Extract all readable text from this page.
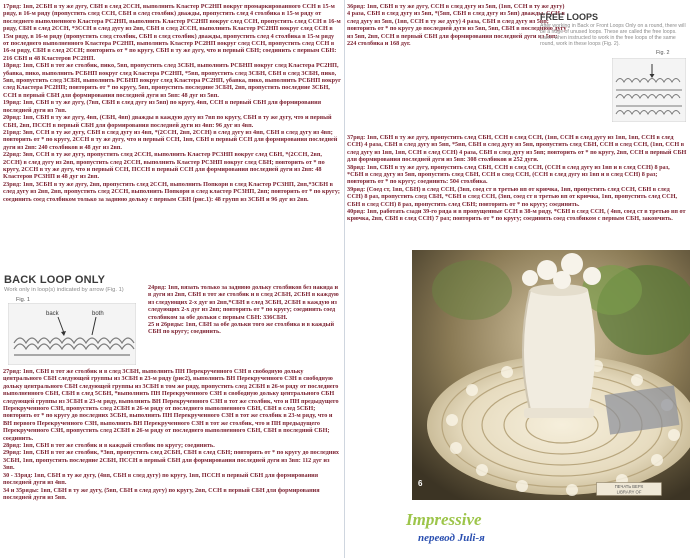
17ряд: 1вп, 2СБН в ту же дугу, СБН в след 2ССН, выполнить Кластер РС2НП вокруг промаркированного ССН в 15-м ряду, в 16-м ряду (пропустить след ССН, СБН в след столбик) дважды, пропустить след 4 столбика в 15-м ряду от последнего выполненного Кластера РС2НП, выполнить Кластер РС2НП вокруг след ССН, пропустить след ССН в 16-м ряду, СБН в след 2ССН, *3ССН в след дугу из 2вп, СБН в след 2ССН, выполнить Кластер РС2НП вокруг след ССН в 15м ряду, в 16-м ряду (пропустить след столбик, СБН в след столбик) дважды, пропустить след 4 столбика в 15-м ряду от последнего выполненного Кластера РС2НП, выполнить Кластер РС2НП вокруг след ССН, пропустить след ССН в 16-м ряду, СБН в след 2ССН; повторить от * по кругу, СБН в ту же дугу, что и первый СБН; соединить с первым СБН: 216 СБН и 48 Кластеров РС2НП.

18ряд: 1вп, СБН в тот же столбик, пико, 5вп, пропустить след 3СБН, выполнить РСБНП вокруг след Кластера РС2НП, убавка, пико, выполнить РСБНП вокруг след Кластера РС2НП, *5вп, пропустить след 3СБН, СБН в след 3СБН, пико, 5вп, пропустить след 3СБН, выполнить РСБНП вокруг след Кластера РС2НП, убавка, пико, выполнить РСБНП вокруг след Кластера РС2НП; повторить от * по кругу, 5вп, пропустить последние 3СБН, 2вп, пропустить последние 3СБН, ССН в первый СБН для формирования последней дуги из 5вп: 48 дуг из 5вп.

19ряд: 1вп, СБН в ту же дугу, (7вп, СБН в след дугу из 5вп) по кругу, 4вп, ССН в первый СБН для формирования последней дуги из 7вп.

20ряд: 1вп, СБН в ту же дугу, 4вп, (СБН, 4вп) дважды в каждую дугу из 7вп по кругу, СБН в ту же дугу, что и первый СБН, 2вп, ПССН в первый СБН для формирования последней дуги из 4вп: 96 дуг из 4вп.

21ряд: 3вп, ССН в ту же дугу, СБН в след дугу из 4вп, *(2ССН, 2вп, 2ССН) в след дугу из 4вп, СБН в след дугу из 4вп; повторить от * по кругу, 2ССН в ту же дугу, что и первый ССН, 1вп, СБН в первый ССН для формирования последней дуги из 2вп: 240 столбиков и 48 дуг из 2вп.

22ряд: 3вп, ССН в ту же дугу, пропустить след 2ССН, выполнить Кластер РС3НП вокруг след СБН, *(2ССН, 2вп, 2ССН) в след дугу из 2вп, пропустить след 2ССН, выполнить Кластер РС3НП вокруг след СБН; повторить от * по кругу, 2ССН в ту же дугу, что и первый ССН, ПССН в первый ССН для формирования последней дуги из 2вп: 48 Кластеров РС3НП и 48 дуг из 2вп.

23ряд: 1вп, 3СБН в ту же дугу, 2вп, пропустить след 2ССН, выполнить Попкорн в след Кластер РС3НП, 2вп,*3СБН в след дугу из 2вп, 2вп, пропустить след 2ССН, выполнить Попкорн в след кластер РС3НП, 2вп; повторить от * по кругу; соединить соед столбиком только за заднюю дольку с первым СБН (рис.1): 48 групп из 3СБН и 96 дуг из 2вп.

BACK LOOP ONLY
Work only in loop(s) indicated by arrow (Fig. 1)
Fig. 1
back	both

24ряд: 1вп, вязать только за заднюю дольку столбиков без накида и в дуги из 2вп, СБН в тот же столбик и в след 2СБН, 2СБН в каждую из следующих 2-х дуг из 2вп,*СБН в след 3СБН, 2СБН в каждую из следующих 2-х дуг из 2вп; повторить от * по кругу; соединить соед столбиком за обе дольки с первым СБН: 336СБН.

25 и 26ряды: 1вп, СБН за обе дольки того же столбика и в каждый СБН по кругу; соединить.

27ряд: 1вп, СБН в тот же столбик и в след 3СБН, выполнить ПН Перекрученного СЗН в свободную дольку центрального СБН следующей группы из 3СБН в 23-м ряду (рис2), выполнить ВН Перекрученного СЗН в свободную дольку центрального СБН следующей группы из 3СБН в том же ряду, пропустить след 2СБН в 26-м ряду от последнего выполненного СБН, СБН в след 5СБН, *выполнить ПН Перекрученного СЗН в свободную дольку центрального СБН следующей группы из 3СБН в 23-м ряду, выполнить ВН Перекрученного СЗН в тот же столбик, что и ПН предыдущего Перекрученного СЗН, пропустить след 2СБН в 26-м ряду от последнего выполненного СБН, СБН в след 5СБН; повторить от * по кругу до последних 3СБН, выполнить ПН Перекрученного СЗН в тот же столбик в 23-м ряду, что и ВН первого Перекрученного СЗН, выполнить ВН Перекрученного СЗН в тот же столбик, что и ПН предыдущего Перекрученного СЗН, пропустить след 2СБН в 26-м ряду от последнего выполненного СБН, СБН в последний СБН; соединить.

28ряд: 1вп, СБН в тот же столбик и в каждый столбик по кругу; соединить.

29ряд: 1вп, СБН в тот же столбик, *3вп, пропустить след 2СБН, СБН в след СБН; повторить от * по кругу до последних 3СБН, 1вп, пропустить последние 2СБН, ПССН в первый СБН для формирования последней дуги из 3вп: 112 дуг из 3вп.

30 - 33ряд: 1вп, СБН в ту же дугу, (4вп, СБН в след дугу) по кругу, 1вп, ПССН в первый СБН для формирования последней дуги из 4вп.

34 и 35ряды: 1вп, СБН в ту же дугу, (5вп, СБН в след дугу) по кругу, 2вп, ССН в первый СБН для формирования последней дуги из 5вп.

36ряд: 1вп, СБН в ту же дугу, ССН в след дугу из 5вп, (1вп, ССН в ту же дугу) 4 раза, СБН в след дугу из 5вп, *(5вп, СБН в след дугу из 5вп) дважды, ССН в след дугу из 5вп, (1вп, ССН в ту же дугу) 4 раза, СБН в след дугу из 5вп; повторить от * по кругу до последней дуги из 5вп, 5вп, СБН в последнюю дугу из 5вп, 2вп, ССН в первый СБН для формирования последней дуги из 5вп: 224 столбика и 168 дуг.

FREE LOOPS
After working in Back or Front Loops Only on a round, there will be a ridge of unused loops. These are called the free loops. Later, when instructed to work in the free loops of the same round, work in these loops (Fig. 2).
Fig. 2

37ряд: 1вп, СБН в ту же дугу, пропустить след СБН, ССН в след ССН, (1вп, ССН в след дугу из 1вп, 1вп, ССН в след ССН) 4 раза, СБН в след дугу из 5вп, *5вп, СБН в след дугу из 5вп, пропустить след СБН, ССН в след ССН, (1вп, ССН в след дугу из 1вп, 1вп, ССН в след ССН) 4 раза, СБН в след дугу из 5вп; повторить от * по кругу, 2вп, ССН в первый СБН для формирования последней дуги из 5вп: 308 столбиков и 252 дуги.

38ряд: 1вп, СБН в ту же дугу, пропустить след СБН, ССН в след ССН, (ССН в след дугу из 1вп и в след ССН) 8 раз, *СБН в след дугу из 5вп, пропустить след СБН, ССН в след ССН, (ССН в след дугу из 1вп и в след ССН) 8 раз; повторить от * по кругу; соединить: 504 столбика.

39ряд: (Соед ст, 1вп, СБН) в след ССН, (3вп, соед ст в третью вп от крючка, 1вп, пропустить след ССН, СБН в след ССН) 8 раз, пропустить след СБН, *СБН в след ССН, (3вп, соед ст в третью вп от крючка, 1вп, пропустить след ССН, СБН в след ССН) 8 раз, пропустить след СБН; повторить от * по кругу; соединить.

40ряд: 1вп, работать сзади 39-го ряда и в пропущенные ССН в 38-м ряду, *СБН в след ССН, ( 4вп, соед ст в третью вп от крючка, 2вп, СБН в след ССН) 7 раз; повторить от * по кругу; соединить соед столбиком с первым СБН, закончить.

6	ПЕЧАТЬ ВЕРХ
LIBRARY OF
Impressive
перевод Juli-я
